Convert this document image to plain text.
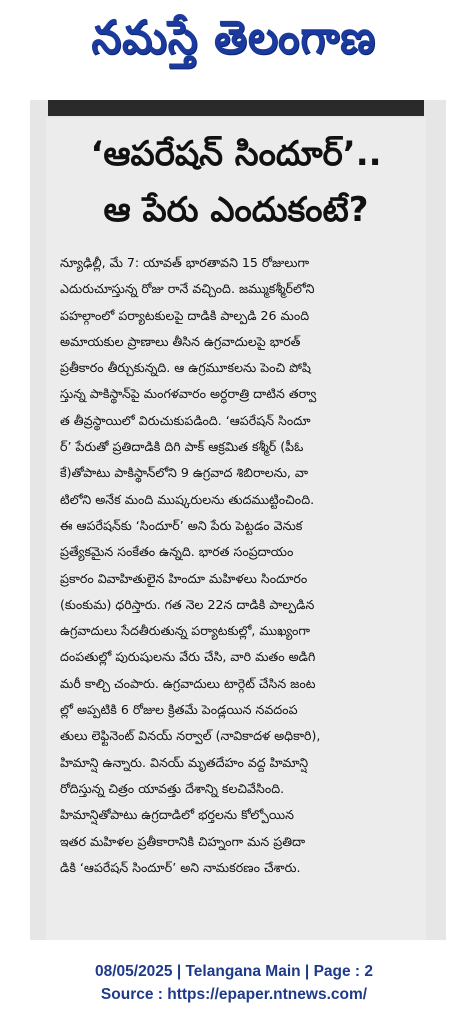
నమస్తే తెలంగాణ
‘ఆపరేషన్ సిందూర్’..
ఆ పేరు ఎందుకంటే?
న్యూఢిల్లీ, మే 7: యావత్ భారతావని 15 రోజులుగా
ఎదురుచూస్తున్న రోజు రానే వచ్చింది. జమ్ముకశ్మీర్‌లోని
పహల్గాంలో పర్యాటకులపై దాడికి పాల్పడి 26 మంది
అమాయకుల ప్రాణాలు తీసిన ఉగ్రవాదులపై భారత్
ప్రతీకారం తీర్చుకున్నది. ఆ ఉగ్రమూకలను పెంచి పోషి
స్తున్న పాకిస్థాన్‌పై మంగళవారం అర్ధరాత్రి దాటిన తర్వా
త తీవ్రస్థాయిలో విరుచుకుపడింది. ‘ఆపరేషన్ సిందూ
ర్’ పేరుతో ప్రతిదాడికి దిగి పాక్ ఆక్రమిత కశ్మీర్ (పీఓ
కే)తోపాటు పాకిస్థాన్‌లోని 9 ఉగ్రవాద శిబిరాలను, వా
టిలోని అనేక మంది ముష్కరులను తుదముట్టించింది.
ఈ ఆపరేషన్‌కు ‘సిందూర్’ అని పేరు పెట్టడం వెనుక
ప్రత్యేకమైన సంకేతం ఉన్నది. భారత సంప్రదాయం
ప్రకారం వివాహితులైన హిందూ మహిళలు సిందూరం
(కుంకుమ) ధరిస్తారు. గత నెల 22న దాడికి పాల్పడిన
ఉగ్రవాదులు సేదతీరుతున్న పర్యాటకుల్లో, ముఖ్యంగా
దంపతుల్లో పురుషులను వేరు చేసి, వారి మతం అడిగి
మరీ కాల్చి చంపారు. ఉగ్రవాదులు టార్గెట్ చేసిన జంట
ల్లో అప్పటికి 6 రోజుల క్రితమే పెండ్లయిన నవదంప
తులు లెఫ్టినెంట్ వినయ్ నర్వాల్ (నావికాదళ అధికారి),
హిమాన్షి ఉన్నారు. వినయ్ మృతదేహం వద్ద హిమాన్షి
రోదిస్తున్న చిత్రం యావత్తు దేశాన్ని కలచివేసింది.
హిమాన్షితోపాటు ఉగ్రదాడిలో భర్తలను కోల్పోయిన
ఇతర మహిళల ప్రతీకారానికి చిహ్నంగా మన ప్రతిదా
డికి ‘ఆపరేషన్ సిందూర్’ అని నామకరణం చేశారు.
08/05/2025 | Telangana Main | Page : 2
Source : https://epaper.ntnews.com/
